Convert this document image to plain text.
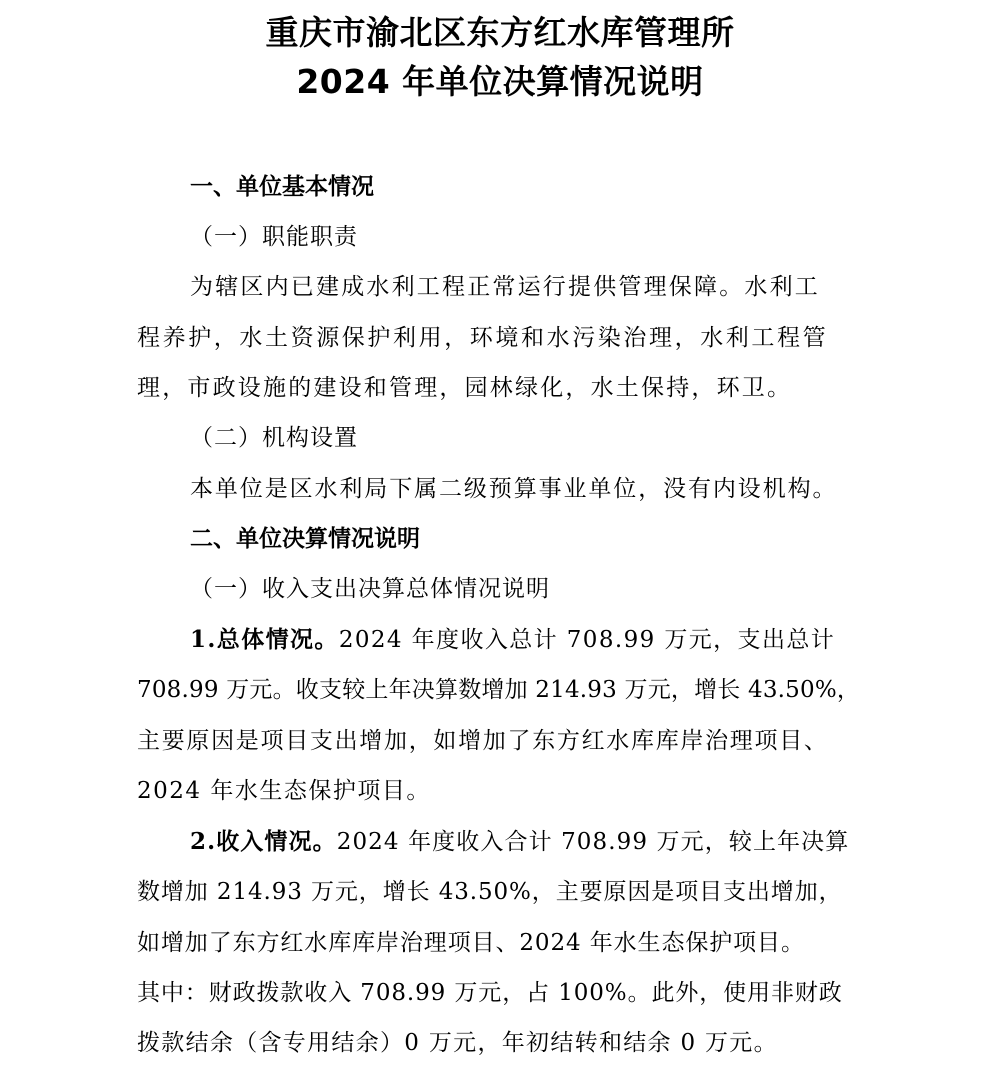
重庆市渝北区东方红水库管理所
2024 年单位决算情况说明
一、单位基本情况
（一）职能职责
为辖区内已建成水利工程正常运行提供管理保障。水利工
程养护，水土资源保护利用，环境和水污染治理，水利工程管
理，市政设施的建设和管理，园林绿化，水土保持，环卫。
（二）机构设置
本单位是区水利局下属二级预算事业单位，没有内设机构。
二、单位决算情况说明
（一）收入支出决算总体情况说明
1.总体情况。2024 年度收入总计 708.99 万元，支出总计
708.99 万元。收支较上年决算数增加 214.93 万元，增长 43.50%，
主要原因是项目支出增加，如增加了东方红水库库岸治理项目、
2024 年水生态保护项目。
2.收入情况。2024 年度收入合计 708.99 万元，较上年决算
数增加 214.93 万元，增长 43.50%，主要原因是项目支出增加，
如增加了东方红水库库岸治理项目、2024 年水生态保护项目。
其中：财政拨款收入 708.99 万元，占 100%。此外，使用非财政
拨款结余（含专用结余）0 万元，年初结转和结余 0 万元。
